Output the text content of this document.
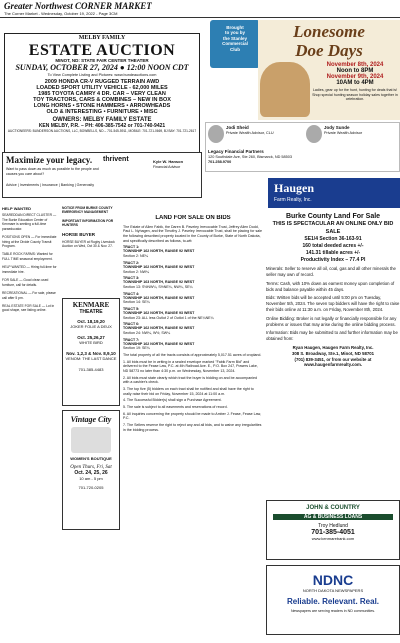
Greater Northwest CORNER MARKET
The Corner Market - Wednesday, October 19, 2022 - Page 3CM
MELBY FAMILY
ESTATE AUCTION
MINOT, ND: STATE FAIR CENTER THEATER
SUNDAY, OCTOBER 27, 2024 ● 12:00 NOON CDT
To View Complete Listing and Pictures: www.bundeauctions.com
2009 HONDA CR-V RUGGED TERRAIN AWD
LOADED SPORT UTILITY VEHICLE - 62,000 MILES
1985 TOYOTA CAMRY 4 DR. CAR – VERY CLEAN
TOY TRACTORS, CARS & COMBINES – NEW IN BOX
LONG HORNS • STONE HAMMERS • ARROWHEADS
OLD & INTERESTING • FURNITURE • MISC
OWNERS: MELBY FAMILY ESTATE
KEN MELBY, P.R. – PH: 406-385-7542 or 701-740-9421
AUCTIONEERS: BUNDERSON AUCTIONS, LLC, BOWBELLS, ND – 701-545-5911, MOBILE: 701-721-0669, BJ BAY: 701-721-2617
Brought
to you by
the Stanley
Commercial
Club
Lonesome
Doe Days
November 8th, 2024
Noon to 8PM
November 9th, 2024
10AM to 4PM
Ladies, gear up for the hunt, hunting for deals that is! Shop special hunting season holiday sales together in celebration.
Jodi Sheid
Private Wealth Advisor, CLU
Jody Sunde
Private Wealth Advisor
Legacy Financial Partners
120 Southdale Ave, Ste 260, Bismarck, ND 58503
701.258.9700
Maximize your legacy.
Want to pass down as much as possible to the people and causes you care about?
thrivent	Kyle W. Hanson
Financial Advisor
Advice | Investments | Insurance | Banking | Generosity
HELP WANTED
SEAREDDAN DIRECT CLUSTER — The Burke Education Center of Kenmare is seeking a full-time paraeducator.
POSITIONS OPEN — For immediate hiring at the Divide County Transit Program.
TABLE ROCK FARMS: Wanted for FULL TIME seasonal employment.
HELP WANTED — Hiring full-time for immediate hire.
FOR SALE — Good clean used furniture, call for details.
RECREATIONAL — For sale, please call after 5 pm.
REAL ESTATE FOR SALE — Lot in good shape, see listing online.
NOTICE FROM BURKE COUNTY EMERGENCY MANAGEMENT
IMPORTANT INFORMATION FOR HUNTERS
HORSE BUYER
HORSE BUYER at Rugby Livestock Auction on Wed, Oct 30 & Nov. 27.
KENMARE
THEATRE
Oct. 18,19,20
JOKER FOLIE A DEUX
Oct. 25,26,27
WHITE BIRD
Nov. 1,2,3 & Nov. 8,9,10
VENOM: THE LAST DANCE
701-385-4483
Vintage City
WOMEN'S BOUTIQUE
Open Thurs, Fri, Sat
Oct. 24, 25, 26
10 am - 5 pm
701-720-0205
LAND FOR SALE ON BIDS
The Estate of Allen Fabik, the Daren B. Paveley Irrevocable Trust, Jeffrey Allen Dodd, Paul L. Nyhagen, and the Timothy J. Paveley Irrevocable Trust, shall be placing for sale the following described property located in the County of Burke, State of North Dakota, and specifically described as follows, to-wit:
TRACT 1:
TOWNSHIP 162 NORTH, RANGE 92 WEST
Section 2: NE¼
TRACT 2:
TOWNSHIP 162 NORTH, RANGE 92 WEST
Section 2: NW¼
TRACT 3:
TOWNSHIP 163 NORTH, RANGE 92 WEST
Section 13: S½NW¼, S½NE¼, NW¼, SE¼
TRACT 4:
TOWNSHIP 162 NORTH, RANGE 92 WEST
Section 14: SE¼
TRACT 5:
TOWNSHIP 162 NORTH, RANGE 93 WEST
Section 23: ALL less Outlot 2 of Outlot 1 of the NE¼NE¼
TRACT 6:
TOWNSHIP 162 NORTH, RANGE 92 WEST
Section 24: NW¼, W½, SW¼
TRACT 7:
TOWNSHIP 162 NORTH, RANGE 92 WEST
Section 19: SE¼
The total property of all the tracts consists of approximately 5,017.51 acres of cropland.
1. All bids must be in writing in a sealed envelope marked "Fabik Farm Bid" and delivered to the Fease Law, P.C. at 4th Railroad Ave. E., P.O. Box 247, Powers Lake, ND 58773 no later than 4:30 p.m. on Wednesday, November 13, 2024.
2. All bids must state clearly which tract the buyer is bidding on and be accompanied with a cashier's check.
3. The top five (5) bidders on each tract shall be notified and shall have the right to orally raise their bid on Friday, November 15, 2024 at 11:00 a.m.
4. The Successful Bidder(s) shall sign a Purchase Agreement.
5. The sale is subject to all easements and reservations of record.
6. All inquiries concerning the property should be made to Amber J. Fease, Fease Law, P.C.
7. The Sellers reserve the right to reject any and all bids, and to waive any irregularities in the bidding process.
Haugen
Farm Realty, Inc.
Burke County Land For Sale
THIS IS SPECTACULAR AN ONLINE ONLY BID SALE
SE1/4 Section 36-163-91
160 total deeded acres +/-
141.31 tillable acres +/-
Productivity Index – 77.4 PI
Minerals: Seller to reserve all oil, coal, gas and all other minerals the seller may own of record.
Terms: Cash, with 10% down as earnest money upon completion of bids and balance payable within 45 days.
Bids: Written bids will be accepted until 5:00 pm on Tuesday, November 5th, 2024. The seven top bidders will have the right to raise their bids online at 11:30 a.m. on Friday, November 8th, 2024.
Online Bidding: Broker is not legally or financially responsible for any problems or issues that may arise during the online bidding process.
Information: Bids may be submitted to and further information may be obtained from:
Ryan Haugen, Haugen Farm Realty, Inc.
308 S. Broadway, Ste.1, Minot, ND 58701
(701) 839-3451, or from our website at
www.haugenfarmrealty.com.
JOHN & COUNTRY
AG & BUSINESS LOANS
Troy Hedlund
701-385-4051
www.kenmarebank.com
NDNC
NORTH DAKOTA NEWSPAPERS
Reliable. Relevant. Real.
Newspapers are serving readers in ND communities.
